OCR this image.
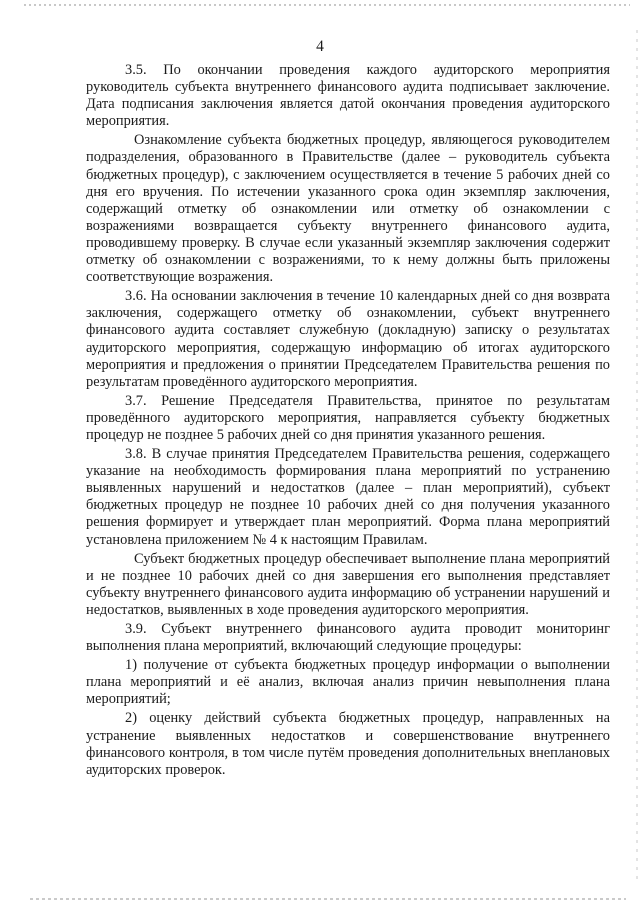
4

3.5. По окончании проведения каждого аудиторского мероприятия руководитель субъекта внутреннего финансового аудита подписывает заключение. Дата подписания заключения является датой окончания проведения аудиторского мероприятия.

Ознакомление субъекта бюджетных процедур, являющегося руководителем подразделения, образованного в Правительстве (далее – руководитель субъекта бюджетных процедур), с заключением осуществляется в течение 5 рабочих дней со дня его вручения. По истечении указанного срока один экземпляр заключения, содержащий отметку об ознакомлении или отметку об ознакомлении с возражениями возвращается субъекту внутреннего финансового аудита, проводившему проверку. В случае если указанный экземпляр заключения содержит отметку об ознакомлении с возражениями, то к нему должны быть приложены соответствующие возражения.

3.6. На основании заключения в течение 10 календарных дней со дня возврата заключения, содержащего отметку об ознакомлении, субъект внутреннего финансового аудита составляет служебную (докладную) записку о результатах аудиторского мероприятия, содержащую информацию об итогах аудиторского мероприятия и предложения о принятии Председателем Правительства решения по результатам проведённого аудиторского мероприятия.

3.7. Решение Председателя Правительства, принятое по результатам проведённого аудиторского мероприятия, направляется субъекту бюджетных процедур не позднее 5 рабочих дней со дня принятия указанного решения.

3.8. В случае принятия Председателем Правительства решения, содержащего указание на необходимость формирования плана мероприятий по устранению выявленных нарушений и недостатков (далее – план мероприятий), субъект бюджетных процедур не позднее 10 рабочих дней со дня получения указанного решения формирует и утверждает план мероприятий. Форма плана мероприятий установлена приложением № 4 к настоящим Правилам.

Субъект бюджетных процедур обеспечивает выполнение плана мероприятий и не позднее 10 рабочих дней со дня завершения его выполнения представляет субъекту внутреннего финансового аудита информацию об устранении нарушений и недостатков, выявленных в ходе проведения аудиторского мероприятия.

3.9. Субъект внутреннего финансового аудита проводит мониторинг выполнения плана мероприятий, включающий следующие процедуры:

1) получение от субъекта бюджетных процедур информации о выполнении плана мероприятий и её анализ, включая анализ причин невыполнения плана мероприятий;

2) оценку действий субъекта бюджетных процедур, направленных на устранение выявленных недостатков и совершенствование внутреннего финансового контроля, в том числе путём проведения дополнительных внеплановых аудиторских проверок.
